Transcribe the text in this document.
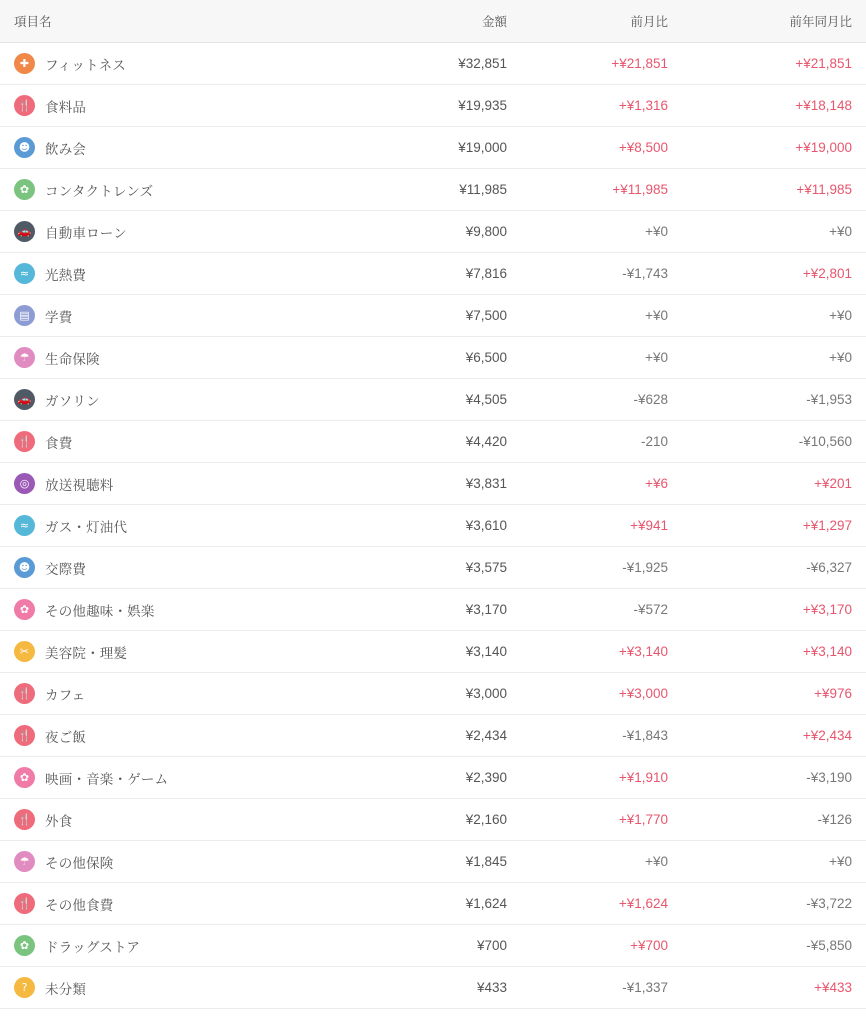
項目名	金額	前月比	前年同月比

✚ フィットネス	¥32,851	+¥21,851	+¥21,851

🍴 食料品	¥19,935	+¥1,316	+¥18,148

☻ 飲み会	¥19,000	+¥8,500	+¥19,000

✿ コンタクトレンズ	¥11,985	+¥11,985	+¥11,985

🚗 自動車ローン	¥9,800	+¥0	+¥0

≈ 光熱費	¥7,816	-¥1,743	+¥2,801

▤ 学費	¥7,500	+¥0	+¥0

☂ 生命保険	¥6,500	+¥0	+¥0

🚗 ガソリン	¥4,505	-¥628	-¥1,953

🍴 食費	¥4,420	-210	-¥10,560

◎ 放送視聴料	¥3,831	+¥6	+¥201

≈ ガス・灯油代	¥3,610	+¥941	+¥1,297

☻ 交際費	¥3,575	-¥1,925	-¥6,327

✿ その他趣味・娯楽	¥3,170	-¥572	+¥3,170

✂ 美容院・理髪	¥3,140	+¥3,140	+¥3,140

🍴 カフェ	¥3,000	+¥3,000	+¥976

🍴 夜ご飯	¥2,434	-¥1,843	+¥2,434

✿ 映画・音楽・ゲーム	¥2,390	+¥1,910	-¥3,190

🍴 外食	¥2,160	+¥1,770	-¥126

☂ その他保険	¥1,845	+¥0	+¥0

🍴 その他食費	¥1,624	+¥1,624	-¥3,722

✿ ドラッグストア	¥700	+¥700	-¥5,850

? 未分類	¥433	-¥1,337	+¥433
